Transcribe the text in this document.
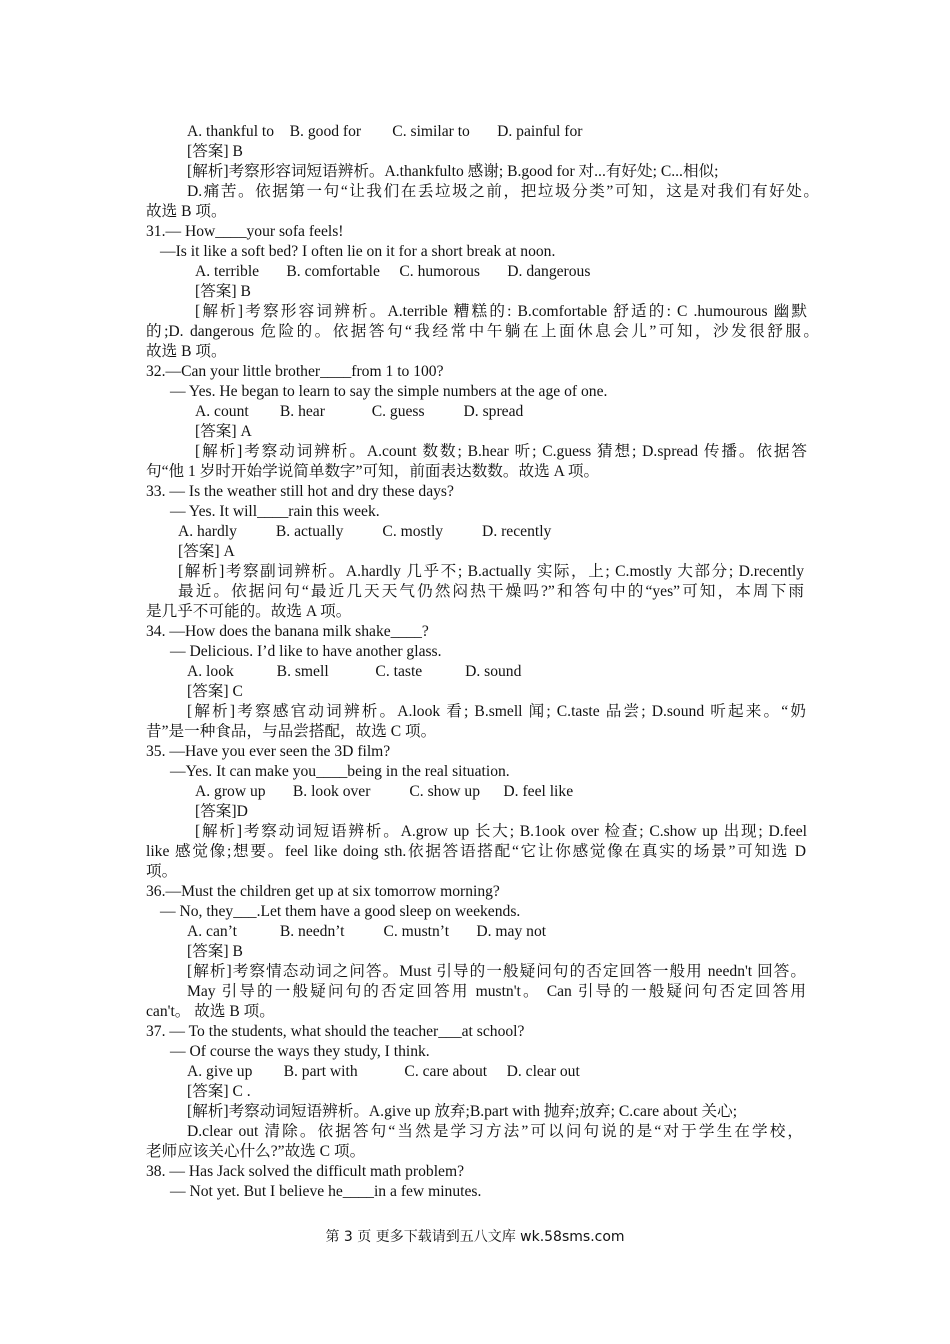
A. thankful to    B. good for        C. similar to       D. painful for
[答案] B
[解析]考察形容词短语辨析。A.thankfulto 感谢; B.good for 对...有好处; C...相似;
D.痛苦。依据第一句“让我们在丢垃圾之前，把垃圾分类”可知，这是对我们有好处。
故选 B 项。
31.— How____your sofa feels!
—Is it like a soft bed? I often lie on it for a short break at noon.
A. terrible       B. comfortable     C. humorous       D. dangerous
[答案] B
[解析]考察形容词辨析。A.terrible 糟糕的: B.comfortable 舒适的: C .humourous 幽默
的;D. dangerous 危险的。依据答句“我经常中午躺在上面休息会儿”可知，沙发很舒服。
故选 B 项。
32.—Can your little brother____from 1 to 100?
— Yes. He began to learn to say the simple numbers at the age of one.
A. count        B. hear            C. guess          D. spread
[答案] A
[解析]考察动词辨析。A.count 数数; B.hear 听; C.guess 猜想; D.spread 传播。依据答
句“他 1 岁时开始学说简单数字”可知，前面表达数数。故选 A 项。
33. — Is the weather still hot and dry these days?
— Yes. It will____rain this week.
A. hardly          B. actually          C. mostly          D. recently
[答案] A
[解析]考察副词辨析。A.hardly 几乎不; B.actually 实际，上; C.mostly 大部分; D.recently
最近。依据问句“最近几天天气仍然闷热干燥吗?”和答句中的“yes”可知，本周下雨
是几乎不可能的。故选 A 项。
34. —How does the banana milk shake____?
— Delicious. I’d like to have another glass.
A. look           B. smell            C. taste           D. sound
[答案] C
[解析]考察感官动词辨析。A.look 看; B.smell 闻; C.taste 品尝; D.sound 听起来。“奶
昔”是一种食品，与品尝搭配，故选 C 项。
35. —Have you ever seen the 3D film?
—Yes. It can make you____being in the real situation.
A. grow up       B. look over          C. show up      D. feel like
[答案]D
[解析]考察动词短语辨析。A.grow up 长大; B.1ook over 检查; C.show up 出现; D.feel
like 感觉像;想要。feel like doing sth.依据答语搭配“它让你感觉像在真实的场景”可知选 D
项。
36.—Must the children get up at six tomorrow morning?
— No, they___.Let them have a good sleep on weekends.
A. can’t           B. needn’t          C. mustn’t       D. may not
[答案] B
[解析]考察情态动词之问答。Must 引导的一般疑问句的否定回答一般用 needn't 回答。
May 引导的一般疑问句的否定回答用 mustn't。 Can 引导的一般疑问句否定回答用
can't。 故选 B 项。
37. — To the students, what should the teacher___at school?
— Of course the ways they study, I think.
A. give up        B. part with            C. care about     D. clear out
[答案] C .
[解析]考察动词短语辨析。A.give up 放弃;B.part with 抛弃;放弃; C.care about 关心;
D.clear out 清除。依据答句“当然是学习方法”可以问句说的是“对于学生在学校，
老师应该关心什么?”故选 C 项。
38. — Has Jack solved the difficult math problem?
— Not yet. But I believe he____in a few minutes.
第 3 页 更多下载请到五八文库 wk.58sms.com
